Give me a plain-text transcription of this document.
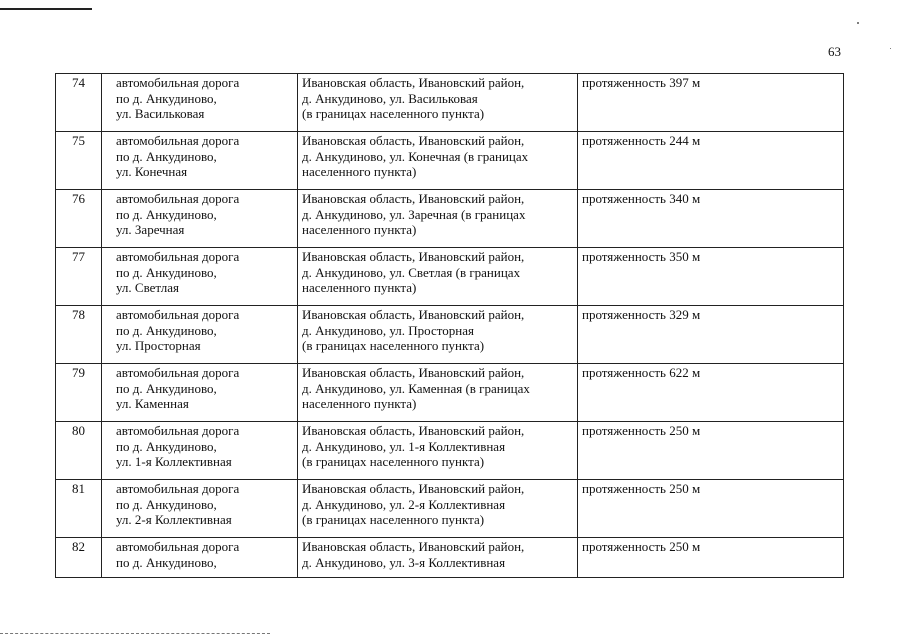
63
74	автомобильная дорога
по д. Анкудиново,
ул. Васильковая	Ивановская область, Ивановский район,
д. Анкудиново, ул. Васильковая
(в границах населенного пункта)	протяженность 397 м
75	автомобильная дорога
по д. Анкудиново,
ул. Конечная	Ивановская область, Ивановский район,
д. Анкудиново, ул. Конечная (в границах
населенного пункта)	протяженность 244 м
76	автомобильная дорога
по д. Анкудиново,
ул. Заречная	Ивановская область, Ивановский район,
д. Анкудиново, ул. Заречная (в границах
населенного пункта)	протяженность 340 м
77	автомобильная дорога
по д. Анкудиново,
ул. Светлая	Ивановская область, Ивановский район,
д. Анкудиново, ул. Светлая (в границах
населенного пункта)	протяженность 350 м
78	автомобильная дорога
по д. Анкудиново,
ул. Просторная	Ивановская область, Ивановский район,
д. Анкудиново, ул. Просторная
(в границах населенного пункта)	протяженность 329 м
79	автомобильная дорога
по д. Анкудиново,
ул. Каменная	Ивановская область, Ивановский район,
д. Анкудиново, ул. Каменная (в границах
населенного пункта)	протяженность 622 м
80	автомобильная дорога
по д. Анкудиново,
ул. 1-я Коллективная	Ивановская область, Ивановский район,
д. Анкудиново, ул. 1-я Коллективная
(в границах населенного пункта)	протяженность 250 м
81	автомобильная дорога
по д. Анкудиново,
ул. 2-я Коллективная	Ивановская область, Ивановский район,
д. Анкудиново, ул. 2-я Коллективная
(в границах населенного пункта)	протяженность 250 м
82	автомобильная дорога
по д. Анкудиново,	Ивановская область, Ивановский район,
д. Анкудиново, ул. 3-я Коллективная	протяженность 250 м
